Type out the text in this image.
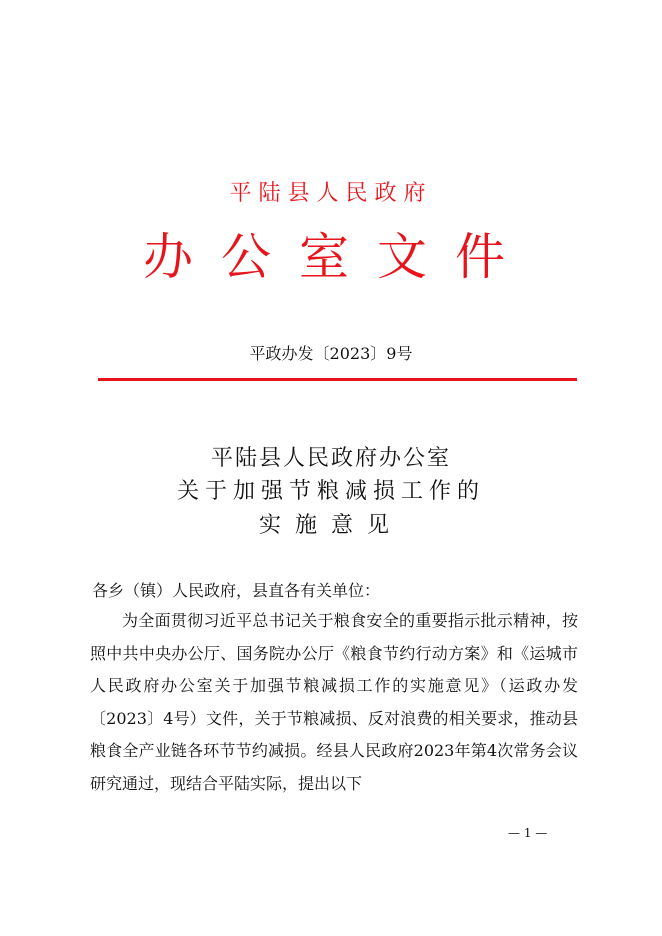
平陆县人民政府
办公室文件
平政办发〔2023〕9号
平陆县人民政府办公室
关于加强节粮减损工作的
实施意见
各乡（镇）人民政府，县直各有关单位：

为全面贯彻习近平总书记关于粮食安全的重要指示批示精神，按照中共中央办公厅、国务院办公厅《粮食节约行动方案》和《运城市人民政府办公室关于加强节粮减损工作的实施意见》（运政办发〔2023〕4号）文件，关于节粮减损、反对浪费的相关要求，推动县粮食全产业链各环节节约减损。经县人民政府2023年第4次常务会议研究通过，现结合平陆实际，提出以下

— 1 —
